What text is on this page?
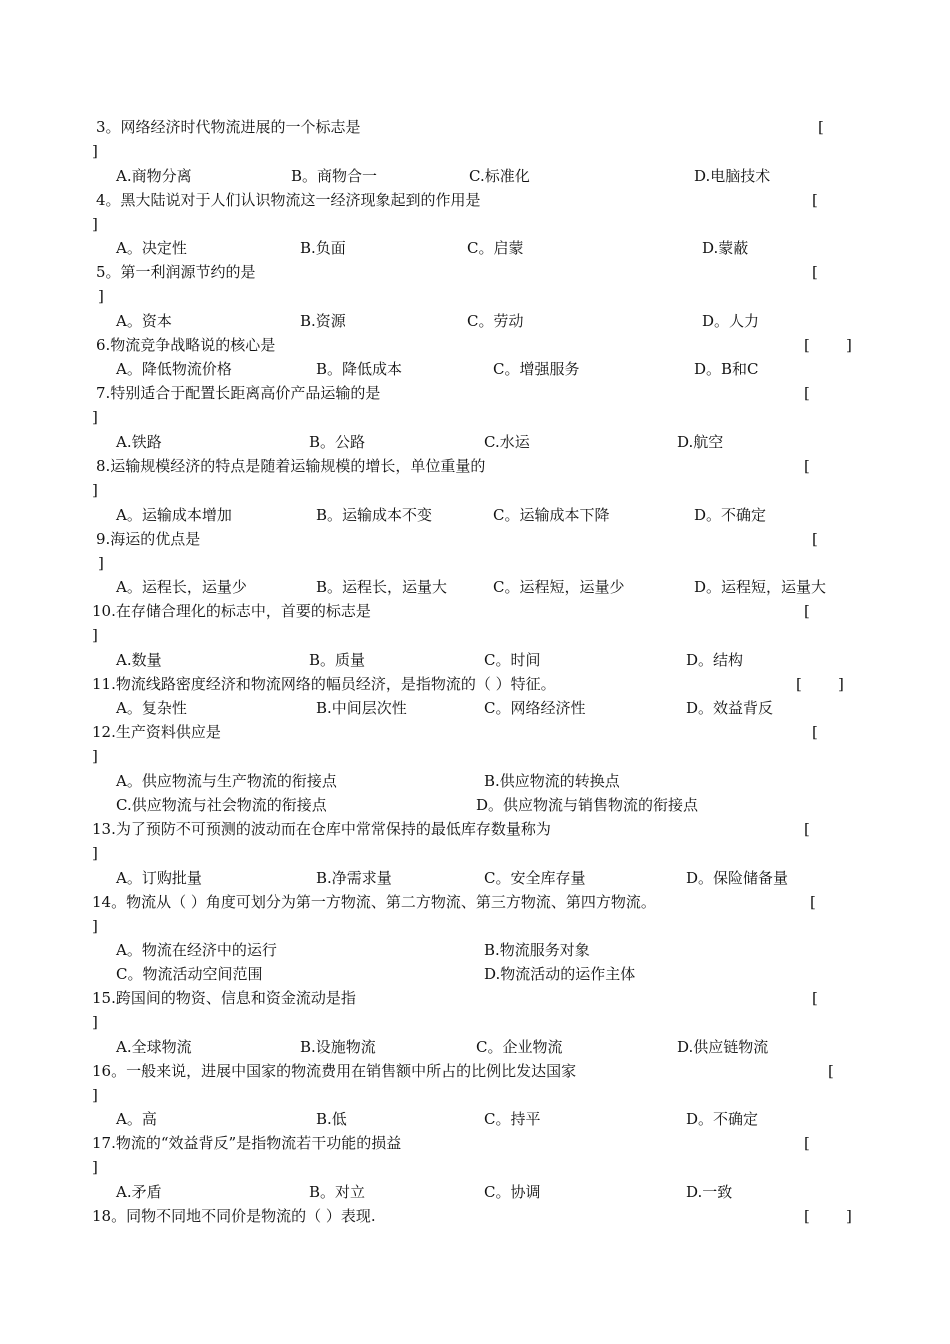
3。网络经济时代物流进展的一个标志是	[
]
A.商物分离	B。商物合一	C.标准化	D.电脑技术
4。黑大陆说对于人们认识物流这一经济现象起到的作用是	[
]
A。决定性	B.负面	C。启蒙	D.蒙蔽
5。第一利润源节约的是	[
]
A。资本	B.资源	C。劳动	D。人力
6.物流竞争战略说的核心是	[ ]
A。降低物流价格	B。降低成本	C。增强服务	D。B和C
7.特别适合于配置长距离高价产品运输的是	[
]
A.铁路	B。公路	C.水运	D.航空
8.运输规模经济的特点是随着运输规模的增长，单位重量的	[
]
A。运输成本增加	B。运输成本不变	C。运输成本下降	D。不确定
9.海运的优点是	[
]
A。运程长，运量少	B。运程长，运量大	C。运程短，运量少	D。运程短，运量大
10.在存储合理化的标志中，首要的标志是	[
]
A.数量	B。质量	C。时间	D。结构
11.物流线路密度经济和物流网络的幅员经济，是指物流的（ ）特征。	[ ]
A。复杂性	B.中间层次性	C。网络经济性	D。效益背反
12.生产资料供应是	[
]
A。供应物流与生产物流的衔接点	B.供应物流的转换点
C.供应物流与社会物流的衔接点	D。供应物流与销售物流的衔接点
13.为了预防不可预测的波动而在仓库中常常保持的最低库存数量称为	[
]
A。订购批量	B.净需求量	C。安全库存量	D。保险储备量
14。物流从（ ）角度可划分为第一方物流、第二方物流、第三方物流、第四方物流。	[
]
A。物流在经济中的运行	B.物流服务对象
C。物流活动空间范围	D.物流活动的运作主体
15.跨国间的物资、信息和资金流动是指	[
]
A.全球物流	B.设施物流	C。企业物流	D.供应链物流
16。一般来说，进展中国家的物流费用在销售额中所占的比例比发达国家	[
]
A。高	B.低	C。持平	D。不确定
17.物流的“效益背反”是指物流若干功能的损益	[
]
A.矛盾	B。对立	C。协调	D.一致
18。同物不同地不同价是物流的（ ）表现.	[ ]
